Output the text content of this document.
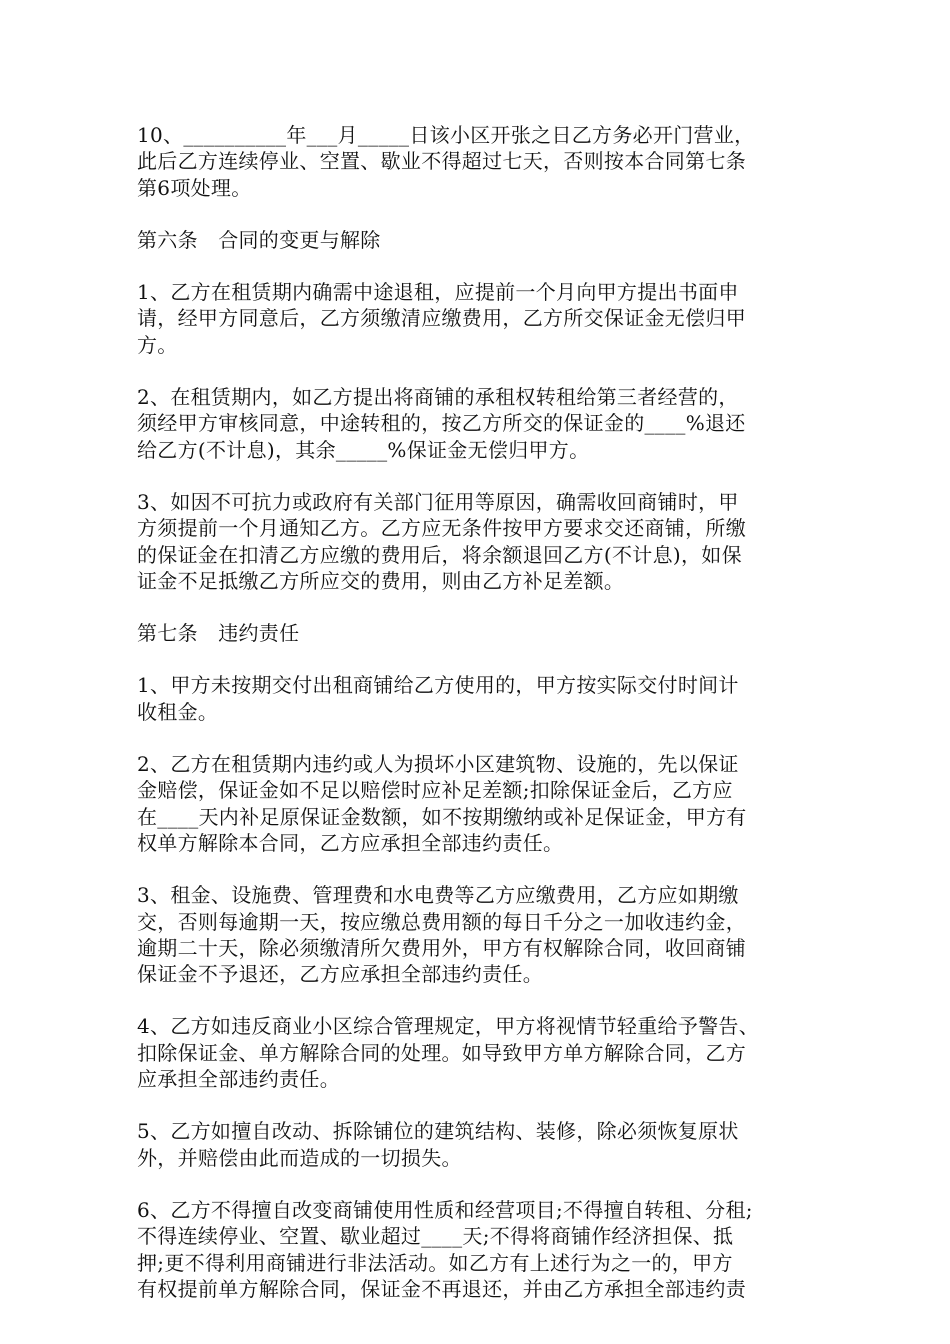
10、__________年___月_____日该小区开张之日乙方务必开门营业，
此后乙方连续停业、空置、歇业不得超过七天，否则按本合同第七条
第6项处理。
第六条　合同的变更与解除
1、乙方在租赁期内确需中途退租，应提前一个月向甲方提出书面申
请，经甲方同意后，乙方须缴清应缴费用，乙方所交保证金无偿归甲
方。
2、在租赁期内，如乙方提出将商铺的承租权转租给第三者经营的，
须经甲方审核同意，中途转租的，按乙方所交的保证金的____%退还
给乙方(不计息)，其余_____%保证金无偿归甲方。
3、如因不可抗力或政府有关部门征用等原因，确需收回商铺时，甲
方须提前一个月通知乙方。乙方应无条件按甲方要求交还商铺，所缴
的保证金在扣清乙方应缴的费用后，将余额退回乙方(不计息)，如保
证金不足抵缴乙方所应交的费用，则由乙方补足差额。
第七条　违约责任
1、甲方未按期交付出租商铺给乙方使用的，甲方按实际交付时间计
收租金。
2、乙方在租赁期内违约或人为损坏小区建筑物、设施的，先以保证
金赔偿，保证金如不足以赔偿时应补足差额;扣除保证金后，乙方应
在____天内补足原保证金数额，如不按期缴纳或补足保证金，甲方有
权单方解除本合同，乙方应承担全部违约责任。
3、租金、设施费、管理费和水电费等乙方应缴费用，乙方应如期缴
交，否则每逾期一天，按应缴总费用额的每日千分之一加收违约金，
逾期二十天，除必须缴清所欠费用外，甲方有权解除合同，收回商铺
保证金不予退还，乙方应承担全部违约责任。
4、乙方如违反商业小区综合管理规定，甲方将视情节轻重给予警告、
扣除保证金、单方解除合同的处理。如导致甲方单方解除合同，乙方
应承担全部违约责任。
5、乙方如擅自改动、拆除铺位的建筑结构、装修，除必须恢复原状
外，并赔偿由此而造成的一切损失。
6、乙方不得擅自改变商铺使用性质和经营项目;不得擅自转租、分租;
不得连续停业、空置、歇业超过____天;不得将商铺作经济担保、抵
押;更不得利用商铺进行非法活动。如乙方有上述行为之一的，甲方
有权提前单方解除合同，保证金不再退还，并由乙方承担全部违约责
